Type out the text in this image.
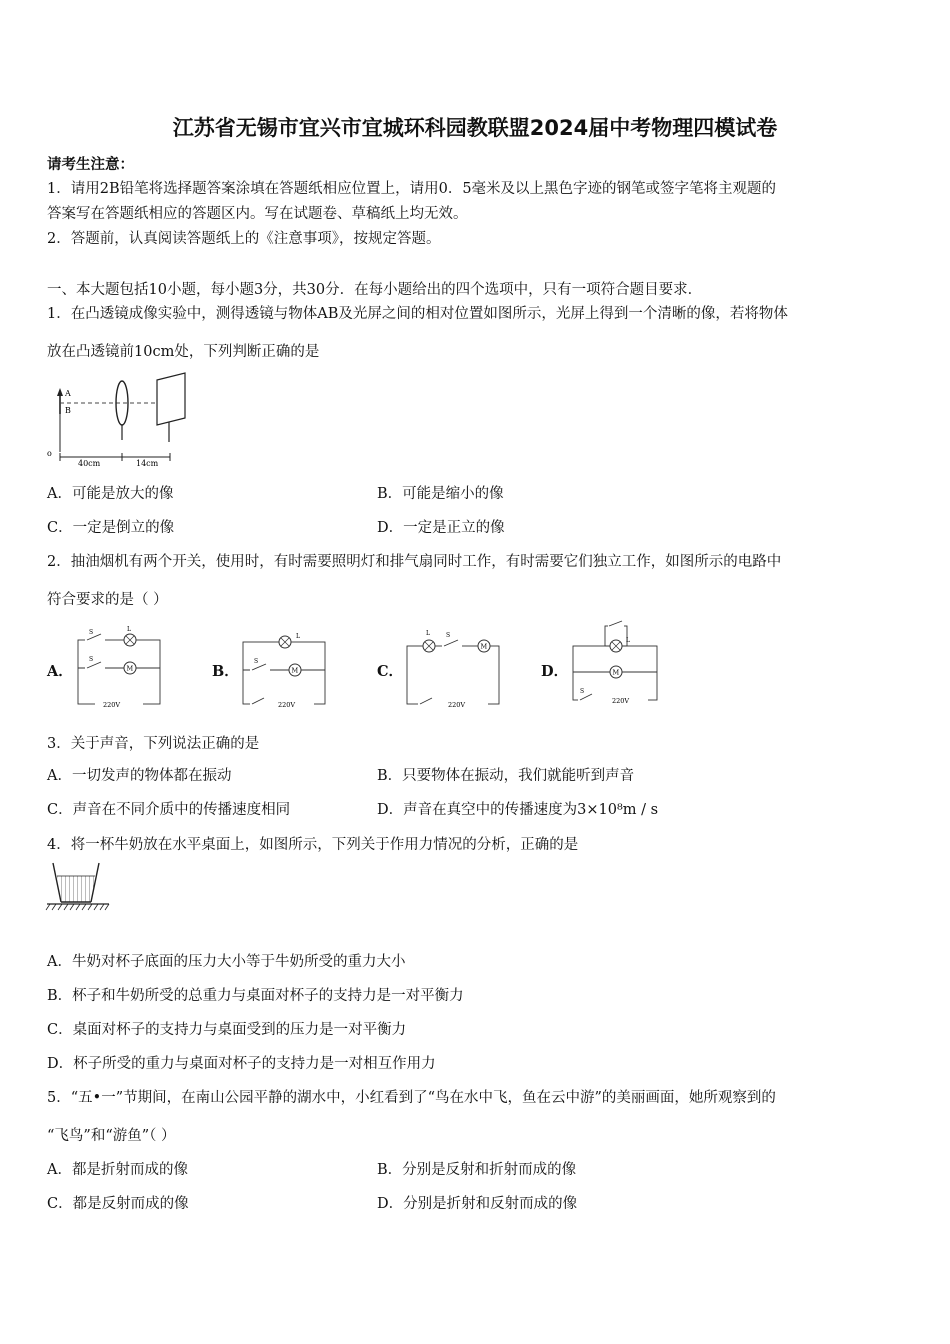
江苏省无锡市宜兴市宜城环科园教联盟2024届中考物理四模试卷
请考生注意：
1．请用2B铅笔将选择题答案涂填在答题纸相应位置上，请用0．5毫米及以上黑色字迹的钢笔或签字笔将主观题的
答案写在答题纸相应的答题区内。写在试题卷、草稿纸上均无效。
2．答题前，认真阅读答题纸上的《注意事项》，按规定答题。
一、本大题包括10小题，每小题3分，共30分．在每小题给出的四个选项中，只有一项符合题目要求．
1．在凸透镜成像实验中，测得透镜与物体AB及光屏之间的相对位置如图所示，光屏上得到一个清晰的像，若将物体
放在凸透镜前10cm处，下列判断正确的是
A
B
40cm	14cm
ο
A．可能是放大的像	B．可能是缩小的像
C．一定是倒立的像	D．一定是正立的像
2．抽油烟机有两个开关，使用时，有时需要照明灯和排气扇同时工作，有时需要它们独立工作，如图所示的电路中
符合要求的是（ ）
A．
S	L
S
M
220V
B．
L
S
M
220V
C．
L	S
M
220V
D．
L
M
S
220V
3．关于声音，下列说法正确的是
A．一切发声的物体都在振动	B．只要物体在振动，我们就能听到声音
C．声音在不同介质中的传播速度相同	D．声音在真空中的传播速度为3×10⁸m / s
4．将一杯牛奶放在水平桌面上，如图所示，下列关于作用力情况的分析，正确的是
A．牛奶对杯子底面的压力大小等于牛奶所受的重力大小
B．杯子和牛奶所受的总重力与桌面对杯子的支持力是一对平衡力
C．桌面对杯子的支持力与桌面受到的压力是一对平衡力
D．杯子所受的重力与桌面对杯子的支持力是一对相互作用力
5．“五•一”节期间，在南山公园平静的湖水中，小红看到了“鸟在水中飞，鱼在云中游”的美丽画面，她所观察到的
“飞鸟”和“游鱼”（ ）
A．都是折射而成的像	B．分别是反射和折射而成的像
C．都是反射而成的像	D．分别是折射和反射而成的像
